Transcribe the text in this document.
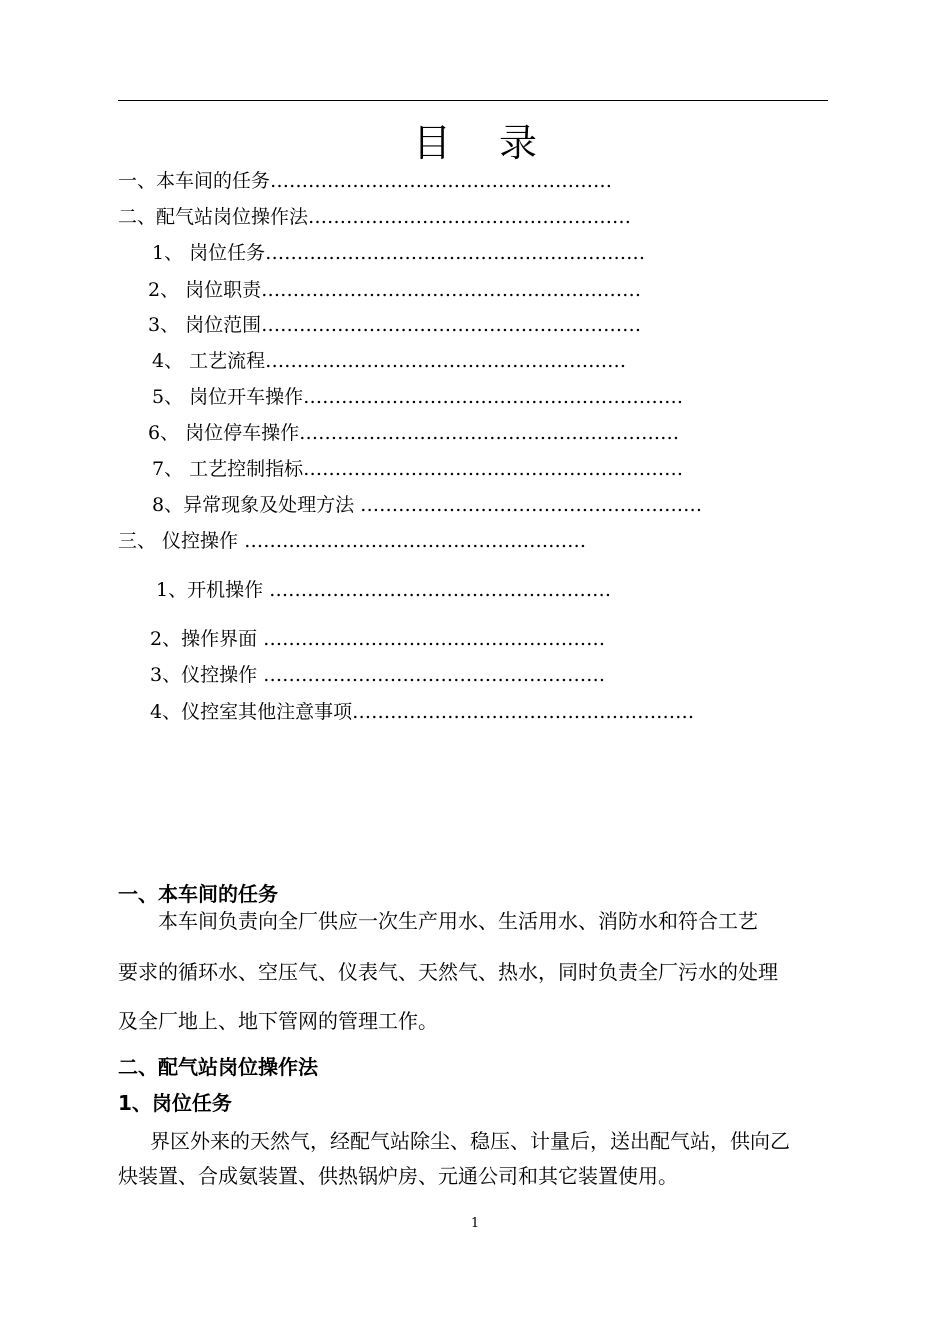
目 录
一、本车间的任务………………………………………………
二、配气站岗位操作法……………………………………………
1、 岗位任务……………………………………………………
2、 岗位职责……………………………………………………
3、 岗位范围……………………………………………………
4、 工艺流程…………………………………………………
5、 岗位开车操作……………………………………………………
6、 岗位停车操作……………………………………………………
7、 工艺控制指标……………………………………………………
8、异常现象及处理方法 ………………………………………………
三、 仪控操作 ………………………………………………
1、开机操作 ………………………………………………
2、操作界面 ………………………………………………
3、仪控操作 ………………………………………………
4、仪控室其他注意事项………………………………………………
一、本车间的任务
本车间负责向全厂供应一次生产用水、生活用水、消防水和符合工艺
要求的循环水、空压气、仪表气、天然气、热水，同时负责全厂污水的处理
及全厂地上、地下管网的管理工作。
二、配气站岗位操作法
1、岗位任务
界区外来的天然气，经配气站除尘、稳压、计量后，送出配气站，供向乙
炔装置、合成氨装置、供热锅炉房、元通公司和其它装置使用。
1
